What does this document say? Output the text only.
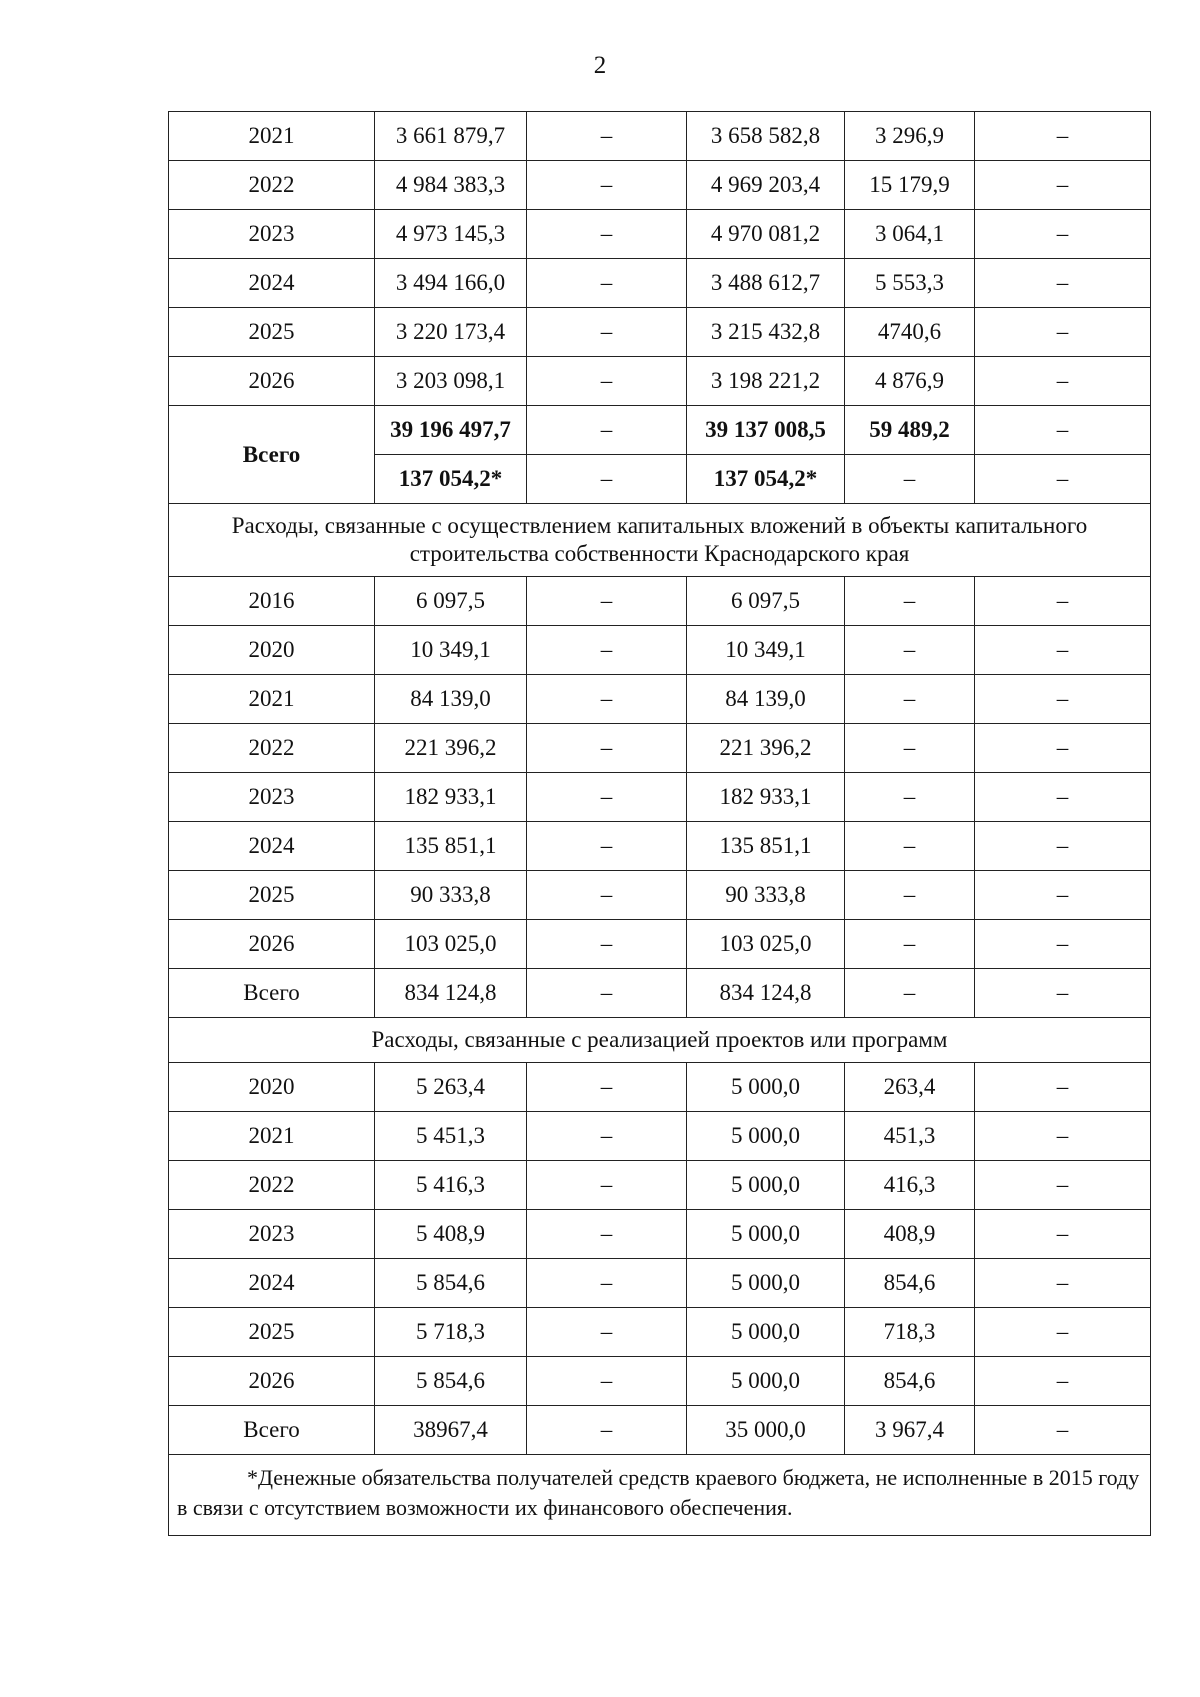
2
2021	3 661 879,7	–	3 658 582,8	3 296,9	–
2022	4 984 383,3	–	4 969 203,4	15 179,9	–
2023	4 973 145,3	–	4 970 081,2	3 064,1	–
2024	3 494 166,0	–	3 488 612,7	5 553,3	–
2025	3 220 173,4	–	3 215 432,8	4740,6	–
2026	3 203 098,1	–	3 198 221,2	4 876,9	–
Всего	39 196 497,7	–	39 137 008,5	59 489,2	–
	137 054,2*	–	137 054,2*	–	–
Расходы, связанные с осуществлением капитальных вложений в объекты капитального строительства собственности Краснодарского края					
2016	6 097,5	–	6 097,5	–	–
2020	10 349,1	–	10 349,1	–	–
2021	84 139,0	–	84 139,0	–	–
2022	221 396,2	–	221 396,2	–	–
2023	182 933,1	–	182 933,1	–	–
2024	135 851,1	–	135 851,1	–	–
2025	90 333,8	–	90 333,8	–	–
2026	103 025,0	–	103 025,0	–	–
Всего	834 124,8	–	834 124,8	–	–
Расходы, связанные с реализацией проектов или программ					
2020	5 263,4	–	5 000,0	263,4	–
2021	5 451,3	–	5 000,0	451,3	–
2022	5 416,3	–	5 000,0	416,3	–
2023	5 408,9	–	5 000,0	408,9	–
2024	5 854,6	–	5 000,0	854,6	–
2025	5 718,3	–	5 000,0	718,3	–
2026	5 854,6	–	5 000,0	854,6	–
Всего	38967,4	–	35 000,0	3 967,4	–
*Денежные обязательства получателей средств краевого бюджета, не исполненные в 2015 году в связи с отсутствием возможности их финансового обеспечения.					
